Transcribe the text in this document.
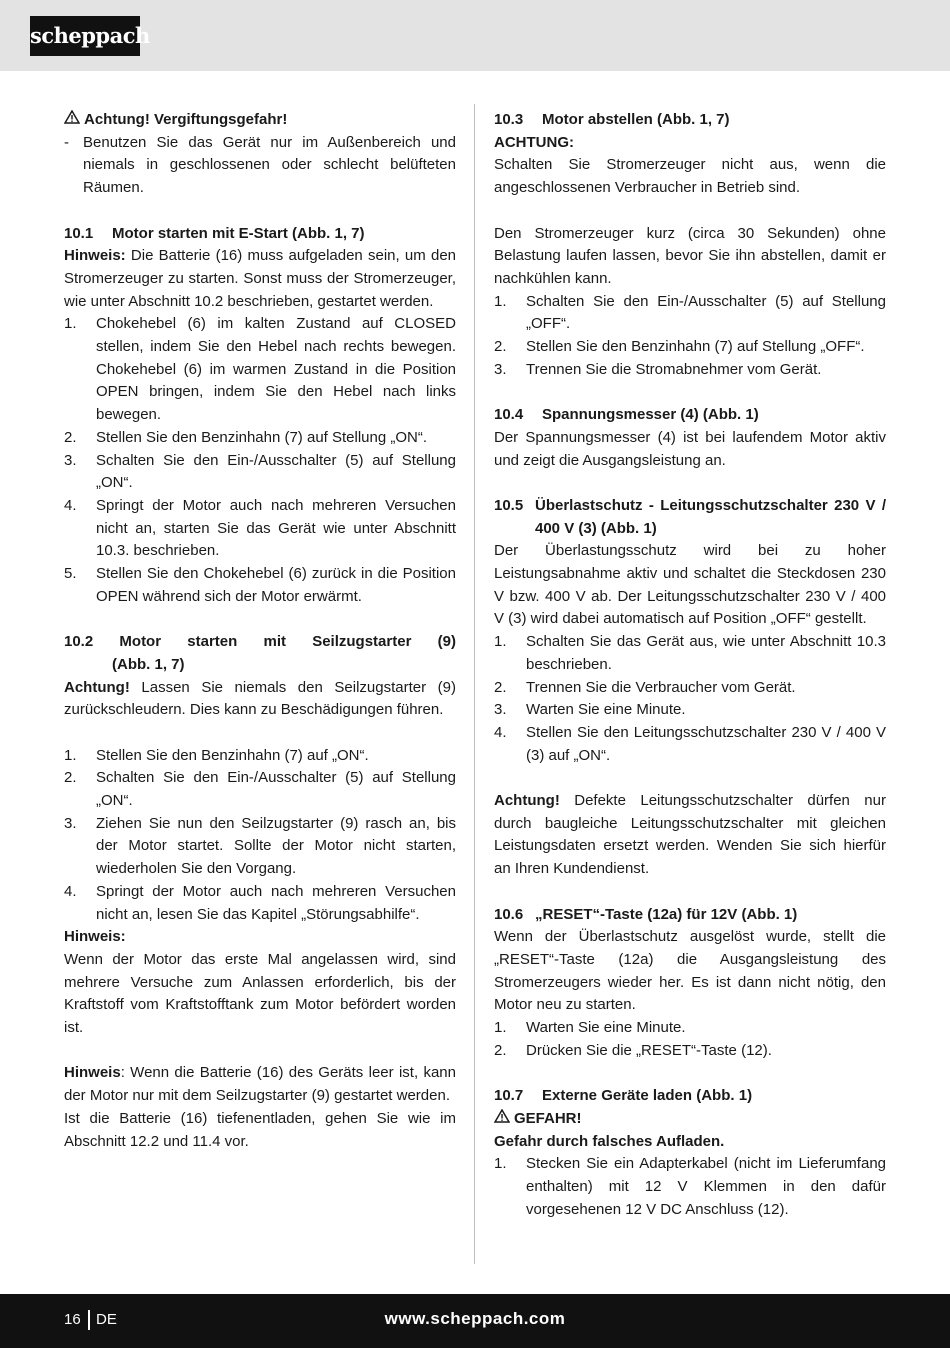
scheppach
Achtung! Vergiftungsgefahr!
- Benutzen Sie das Gerät nur im Außenbereich und niemals in geschlossenen oder schlecht belüfteten Räumen.
10.1	Motor starten mit E-Start (Abb. 1, 7)
Hinweis: Die Batterie (16) muss aufgeladen sein, um den Stromerzeuger zu starten. Sonst muss der Stromerzeuger, wie unter Abschnitt 10.2 beschrieben, gestartet werden.
1.	Chokehebel (6) im kalten Zustand auf CLOSED stellen, indem Sie den Hebel nach rechts bewegen. Chokehebel (6) im warmen Zustand in die Position OPEN bringen, indem Sie den Hebel nach links bewegen.
2.	Stellen Sie den Benzinhahn (7) auf Stellung „ON“.
3.	Schalten Sie den Ein-/Ausschalter (5) auf Stellung „ON“.
4.	Springt der Motor auch nach mehreren Versuchen nicht an, starten Sie das Gerät wie unter Abschnitt 10.3. beschrieben.
5.	Stellen Sie den Chokehebel (6) zurück in die Position OPEN während sich der Motor erwärmt.
10.2 Motor starten mit Seilzugstarter (9)
(Abb. 1, 7)
Achtung! Lassen Sie niemals den Seilzugstarter (9) zurückschleudern. Dies kann zu Beschädigungen führen.
1.	Stellen Sie den Benzinhahn (7) auf „ON“.
2.	Schalten Sie den Ein-/Ausschalter (5) auf Stellung „ON“.
3.	Ziehen Sie nun den Seilzugstarter (9) rasch an, bis der Motor startet. Sollte der Motor nicht starten, wiederholen Sie den Vorgang.
4.	Springt der Motor auch nach mehreren Versuchen nicht an, lesen Sie das Kapitel „Störungsabhilfe“.
Hinweis:
Wenn der Motor das erste Mal angelassen wird, sind mehrere Versuche zum Anlassen erforderlich, bis der Kraftstoff vom Kraftstofftank zum Motor befördert worden ist.
Hinweis: Wenn die Batterie (16) des Geräts leer ist, kann der Motor nur mit dem Seilzugstarter (9) gestartet werden.
Ist die Batterie (16) tiefenentladen, gehen Sie wie im Abschnitt 12.2 und 11.4 vor.
10.3	Motor abstellen (Abb. 1, 7)
ACHTUNG:
Schalten Sie Stromerzeuger nicht aus, wenn die angeschlossenen Verbraucher in Betrieb sind.
Den Stromerzeuger kurz (circa 30 Sekunden) ohne Belastung laufen lassen, bevor Sie ihn abstellen, damit er nachkühlen kann.
1.	Schalten Sie den Ein-/Ausschalter (5) auf Stellung „OFF“.
2.	Stellen Sie den Benzinhahn (7) auf Stellung „OFF“.
3.	Trennen Sie die Stromabnehmer vom Gerät.
10.4	Spannungsmesser (4) (Abb. 1)
Der Spannungsmesser (4) ist bei laufendem Motor aktiv und zeigt die Ausgangsleistung an.
10.5 Überlastschutz - Leitungsschutzschalter 230 V / 400 V (3) (Abb. 1)
Der Überlastungsschutz wird bei zu hoher Leistungsabnahme aktiv und schaltet die Steckdosen 230 V bzw. 400 V ab. Der Leitungsschutzschalter 230 V / 400 V (3) wird dabei automatisch auf Position „OFF“ gestellt.
1.	Schalten Sie das Gerät aus, wie unter Abschnitt 10.3 beschrieben.
2.	Trennen Sie die Verbraucher vom Gerät.
3.	Warten Sie eine Minute.
4.	Stellen Sie den Leitungsschutzschalter 230 V / 400 V (3) auf „ON“.
Achtung! Defekte Leitungsschutzschalter dürfen nur durch baugleiche Leitungsschutzschalter mit gleichen Leistungsdaten ersetzt werden. Wenden Sie sich hierfür an Ihren Kundendienst.
10.6 „RESET“-Taste (12a) für 12V (Abb. 1)
Wenn der Überlastschutz ausgelöst wurde, stellt die „RESET“-Taste (12a) die Ausgangsleistung des Stromerzeugers wieder her. Es ist dann nicht nötig, den Motor neu zu starten.
1.	Warten Sie eine Minute.
2.	Drücken Sie die „RESET“-Taste (12).
10.7	Externe Geräte laden (Abb. 1)
GEFAHR!
Gefahr durch falsches Aufladen.
1.	Stecken Sie ein Adapterkabel (nicht im Lieferumfang enthalten) mit 12 V Klemmen in den dafür vorgesehenen 12 V DC Anschluss (12).
16 DE	www.scheppach.com
